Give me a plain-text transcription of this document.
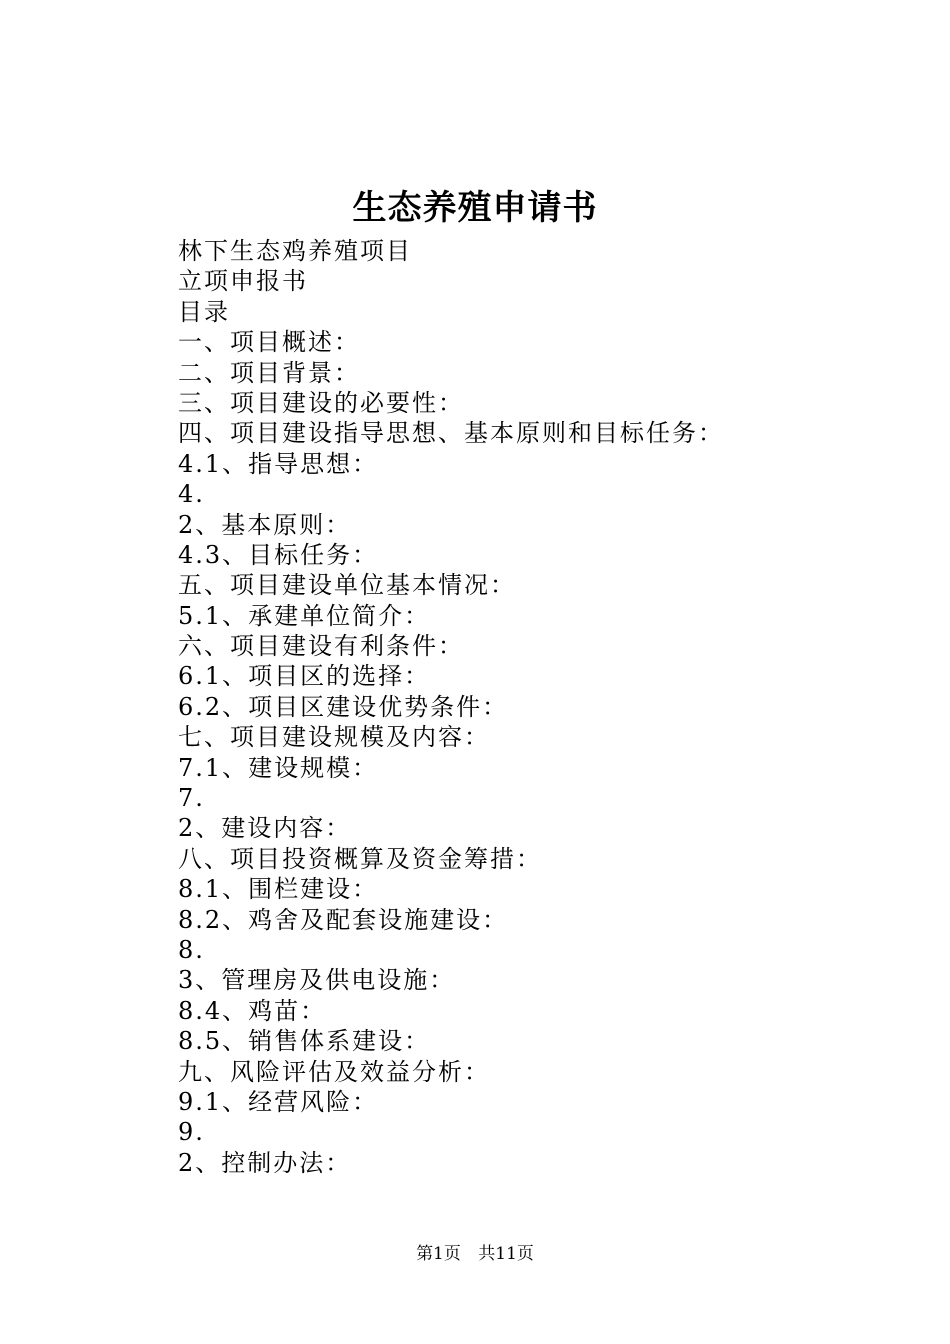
生态养殖申请书
林下生态鸡养殖项目
立项申报书
目录
一、项目概述：
二、项目背景：
三、项目建设的必要性：
四、项目建设指导思想、基本原则和目标任务：
4.1、指导思想：
4.
2、基本原则：
4.3、目标任务：
五、项目建设单位基本情况：
5.1、承建单位简介：
六、项目建设有利条件：
6.1、项目区的选择：
6.2、项目区建设优势条件：
七、项目建设规模及内容：
7.1、建设规模：
7.
2、建设内容：
八、项目投资概算及资金筹措：
8.1、围栏建设：
8.2、鸡舍及配套设施建设：
8.
3、管理房及供电设施：
8.4、鸡苗：
8.5、销售体系建设：
九、风险评估及效益分析：
9.1、经营风险：
9.
2、控制办法：
第1页 共11页
